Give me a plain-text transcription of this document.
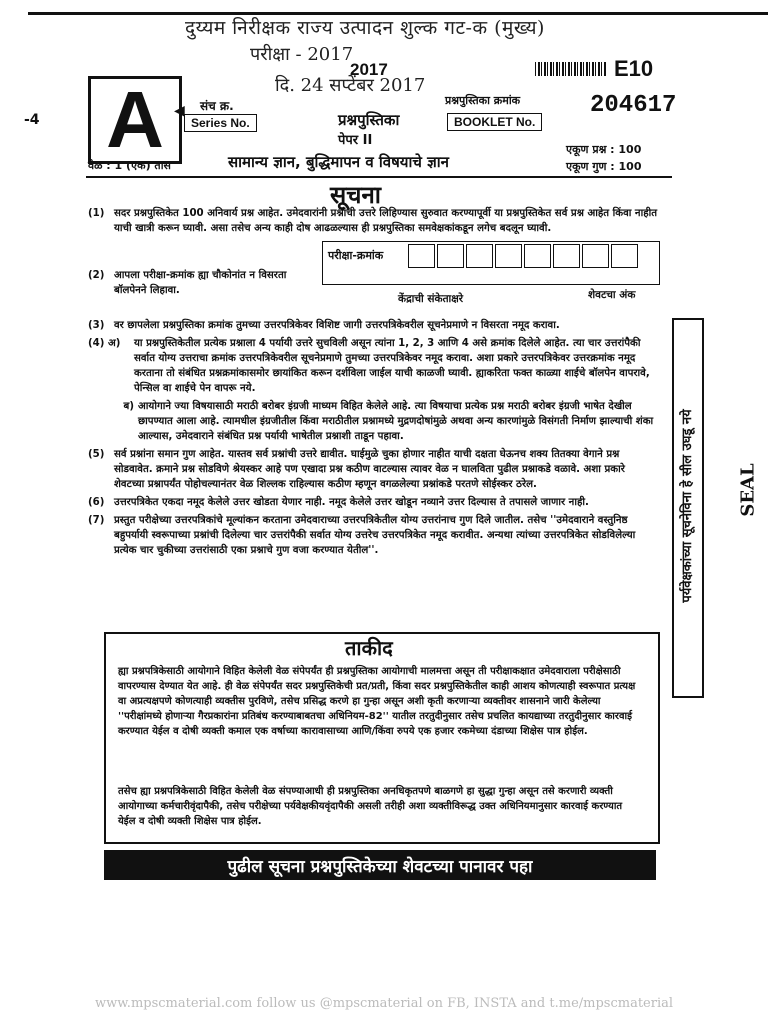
दुय्यम निरीक्षक राज्य उत्पादन शुल्क गट-क (मुख्य)
परीक्षा - 2017
दि. 24 सप्टेंबर 2017
2017	E10
-4 A	संच क्र.
◀
Series No.	प्रश्नपुस्तिका
पेपर II
प्रश्नपुस्तिका क्रमांक
BOOKLET No.
204617
एकूण प्रश्न : 100
एकूण गुण : 100
वेळ : 1 (एक) तास	सामान्य ज्ञान, बुद्धिमापन व विषयाचे ज्ञान
सूचना
(1) सदर प्रश्नपुस्तिकेत 100 अनिवार्य प्रश्न आहेत. उमेदवारांनी प्रश्नांची उत्तरे लिहिण्यास सुरुवात करण्यापूर्वी या प्रश्नपुस्तिकेत सर्व प्रश्न आहेत किंवा नाहीत याची खात्री करून घ्यावी. असा तसेच अन्य काही दोष आढळल्यास ही प्रश्नपुस्तिका समवेक्षकांकडून लगेच बदलून घ्यावी.
परीक्षा-क्रमांक
केंद्राची संकेताक्षरे	शेवटचा अंक
(2) आपला परीक्षा-क्रमांक ह्या चौकोनांत न विसरता बॉलपेनने लिहावा.
(3) वर छापलेला प्रश्नपुस्तिका क्रमांक तुमच्या उत्तरपत्रिकेवर विशिष्ट जागी उत्तरपत्रिकेवरील सूचनेप्रमाणे न विसरता नमूद करावा.
(4) अ)	या प्रश्नपुस्तिकेतील प्रत्येक प्रश्नाला 4 पर्यायी उत्तरे सुचविली असून त्यांना 1, 2, 3 आणि 4 असे क्रमांक दिलेले आहेत. त्या चार उत्तरांपैकी सर्वात योग्य उत्तराचा क्रमांक उत्तरपत्रिकेवरील सूचनेप्रमाणे तुमच्या उत्तरपत्रिकेवर नमूद करावा. अशा प्रकारे उत्तरपत्रिकेवर उत्तरक्रमांक नमूद करताना तो संबंधित प्रश्नक्रमांकासमोर छायांकित करून दर्शविला जाईल याची काळजी घ्यावी. ह्याकरिता फक्त काळ्या शाईचे बॉलपेन वापरावे, पेन्सिल वा शाईचे पेन वापरू नये.
ब) आयोगाने ज्या विषयासाठी मराठी बरोबर इंग्रजी माध्यम विहित केलेले आहे. त्या विषयाचा प्रत्येक प्रश्न मराठी बरोबर इंग्रजी भाषेत देखील छापण्यात आला आहे. त्यामधील इंग्रजीतील किंवा मराठीतील प्रश्नामध्ये मुद्रणदोषांमुळे अथवा अन्य कारणांमुळे विसंगती निर्माण झाल्याची शंका आल्यास, उमेदवाराने संबंधित प्रश्न पर्यायी भाषेतील प्रश्नाशी ताडून पहावा.
(5) सर्व प्रश्नांना समान गुण आहेत. यास्तव सर्व प्रश्नांची उत्तरे द्यावीत. घाईमुळे चुका होणार नाहीत याची दक्षता घेऊनच शक्य तितक्या वेगाने प्रश्न सोडवावेत. क्रमाने प्रश्न सोडविणे श्रेयस्कर आहे पण एखादा प्रश्न कठीण वाटल्यास त्यावर वेळ न घालविता पुढील प्रश्नाकडे वळावे. अशा प्रकारे शेवटच्या प्रश्नापर्यंत पोहोचल्यानंतर वेळ शिल्लक राहिल्यास कठीण म्हणून वगळलेल्या प्रश्नांकडे परतणे सोईस्कर ठरेल.
(6) उत्तरपत्रिकेत एकदा नमूद केलेले उत्तर खोडता येणार नाही. नमूद केलेले उत्तर खोडून नव्याने उत्तर दिल्यास ते तपासले जाणार नाही.
(7) प्रस्तुत परीक्षेच्या उत्तरपत्रिकांचे मूल्यांकन करताना उमेदवाराच्या उत्तरपत्रिकेतील योग्य उत्तरांनाच गुण दिले जातील. तसेच ''उमेदवाराने वस्तुनिष्ठ बहुपर्यायी स्वरूपाच्या प्रश्नांची दिलेल्या चार उत्तरांपैकी सर्वात योग्य उत्तरेच उत्तरपत्रिकेत नमूद करावीत. अन्यथा त्यांच्या उत्तरपत्रिकेत सोडविलेल्या प्रत्येक चार चुकीच्या उत्तरांसाठी एका प्रश्नाचे गुण वजा करण्यात येतील''.	पर्यवेक्षकांच्या सूचनेविना हे सील उघडू नये SEAL
ताकीद
ह्या प्रश्नपत्रिकेसाठी आयोगाने विहित केलेली वेळ संपेपर्यंत ही प्रश्नपुस्तिका आयोगाची मालमत्ता असून ती परीक्षाकक्षात उमेदवाराला परीक्षेसाठी वापरण्यास देण्यात येत आहे. ही वेळ संपेपर्यंत सदर प्रश्नपुस्तिकेची प्रत/प्रती, किंवा सदर प्रश्नपुस्तिकेतील काही आशय कोणत्याही स्वरूपात प्रत्यक्ष वा अप्रत्यक्षपणे कोणत्याही व्यक्तीस पुरविणे, तसेच प्रसिद्ध करणे हा गुन्हा असून अशी कृती करणाऱ्या व्यक्तीवर शासनाने जारी केलेल्या ''परीक्षांमध्ये होणाऱ्या गैरप्रकारांना प्रतिबंध करण्याबाबतचा अधिनियम-82'' यातील तरतुदीनुसार तसेच प्रचलित कायद्याच्या तरतुदीनुसार कारवाई करण्यात येईल व दोषी व्यक्ती कमाल एक वर्षाच्या कारावासाच्या आणि/किंवा रुपये एक हजार रकमेच्या दंडाच्या शिक्षेस पात्र होईल.
तसेच ह्या प्रश्नपत्रिकेसाठी विहित केलेली वेळ संपण्याआधी ही प्रश्नपुस्तिका अनधिकृतपणे बाळगणे हा सुद्धा गुन्हा असून तसे करणारी व्यक्ती आयोगाच्या कर्मचारीवृंदापैकी, तसेच परीक्षेच्या पर्यवेक्षकीयवृंदापैकी असली तरीही अशा व्यक्तीविरूद्ध उक्त अधिनियमानुसार कारवाई करण्यात येईल व दोषी व्यक्ती शिक्षेस पात्र होईल.
पुढील सूचना प्रश्नपुस्तिकेच्या शेवटच्या पानावर पहा
www.mpscmaterial.com follow us @mpscmaterial on FB, INSTA and t.me/mpscmaterial
